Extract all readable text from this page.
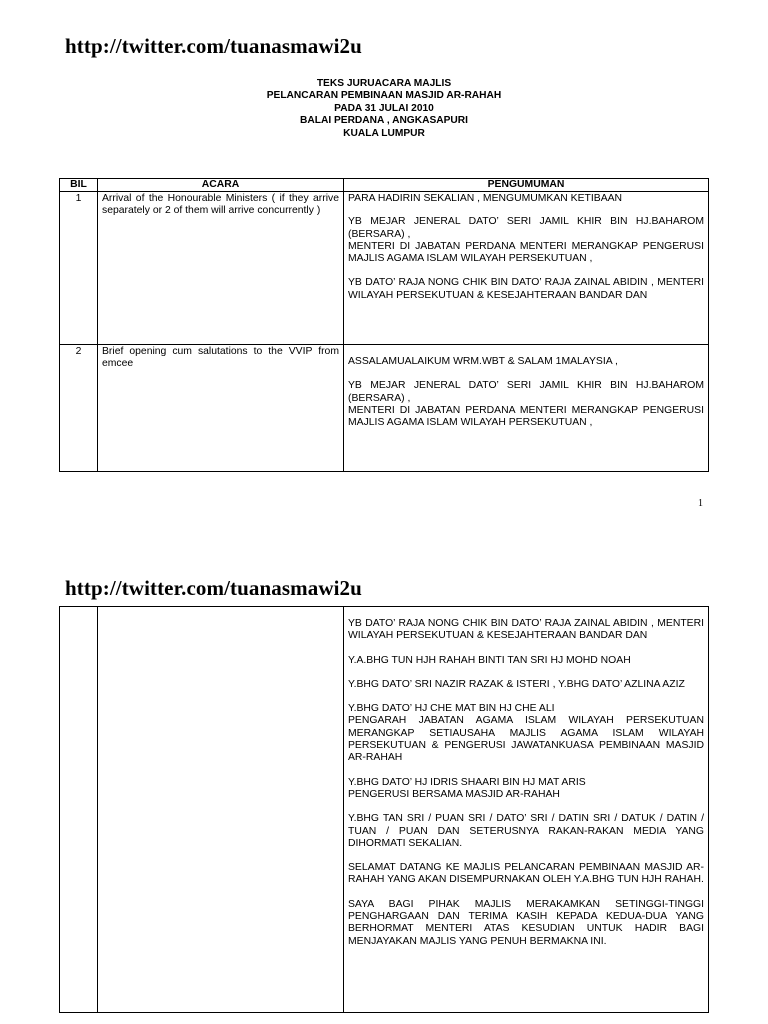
http://twitter.com/tuanasmawi2u
TEKS JURUACARA MAJLIS
PELANCARAN PEMBINAAN MASJID AR-RAHAH
PADA 31 JULAI 2010
BALAI PERDANA , ANGKASAPURI
KUALA LUMPUR
BIL	ACARA	PENGUMUMAN

1	Arrival of the Honourable Ministers ( if they arrive separately or 2 of them will arrive concurrently )	PARA HADIRIN SEKALIAN , MENGUMUMKAN KETIBAAN

YB MEJAR JENERAL DATO’ SERI JAMIL KHIR BIN HJ.BAHAROM (BERSARA) ,
MENTERI DI JABATAN PERDANA MENTERI MERANGKAP PENGERUSI MAJLIS AGAMA ISLAM WILAYAH PERSEKUTUAN ,

YB DATO’ RAJA NONG CHIK BIN DATO’ RAJA ZAINAL ABIDIN , MENTERI WILAYAH PERSEKUTUAN & KESEJAHTERAAN BANDAR DAN

2	Brief opening cum salutations to the VVIP from emcee	ASSALAMUALAIKUM WRM.WBT & SALAM 1MALAYSIA ,

YB MEJAR JENERAL DATO’ SERI JAMIL KHIR BIN HJ.BAHAROM (BERSARA) ,
MENTERI DI JABATAN PERDANA MENTERI MERANGKAP PENGERUSI MAJLIS AGAMA ISLAM WILAYAH PERSEKUTUAN ,

1
http://twitter.com/tuanasmawi2u

YB DATO’ RAJA NONG CHIK BIN DATO’ RAJA ZAINAL ABIDIN , MENTERI WILAYAH PERSEKUTUAN & KESEJAHTERAAN BANDAR DAN

Y.A.BHG TUN HJH RAHAH BINTI TAN SRI HJ MOHD NOAH

Y.BHG DATO’ SRI NAZIR RAZAK & ISTERI , Y.BHG DATO’ AZLINA AZIZ

Y.BHG DATO’ HJ CHE MAT BIN HJ CHE ALI
PENGARAH JABATAN AGAMA ISLAM WILAYAH PERSEKUTUAN MERANGKAP SETIAUSAHA MAJLIS AGAMA ISLAM WILAYAH PERSEKUTUAN & PENGERUSI JAWATANKUASA PEMBINAAN MASJID AR-RAHAH

Y.BHG DATO’ HJ IDRIS SHAARI BIN HJ MAT ARIS
PENGERUSI BERSAMA MASJID AR-RAHAH

Y.BHG TAN SRI / PUAN SRI / DATO’ SRI / DATIN SRI / DATUK / DATIN / TUAN / PUAN DAN SETERUSNYA RAKAN-RAKAN MEDIA YANG DIHORMATI SEKALIAN.

SELAMAT DATANG KE MAJLIS PELANCARAN PEMBINAAN MASJID AR-RAHAH YANG AKAN DISEMPURNAKAN OLEH Y.A.BHG TUN HJH RAHAH.

SAYA BAGI PIHAK MAJLIS MERAKAMKAN SETINGGI-TINGGI PENGHARGAAN DAN TERIMA KASIH KEPADA KEDUA-DUA YANG BERHORMAT MENTERI ATAS KESUDIAN UNTUK HADIR BAGI MENJAYAKAN MAJLIS YANG PENUH BERMAKNA INI.
